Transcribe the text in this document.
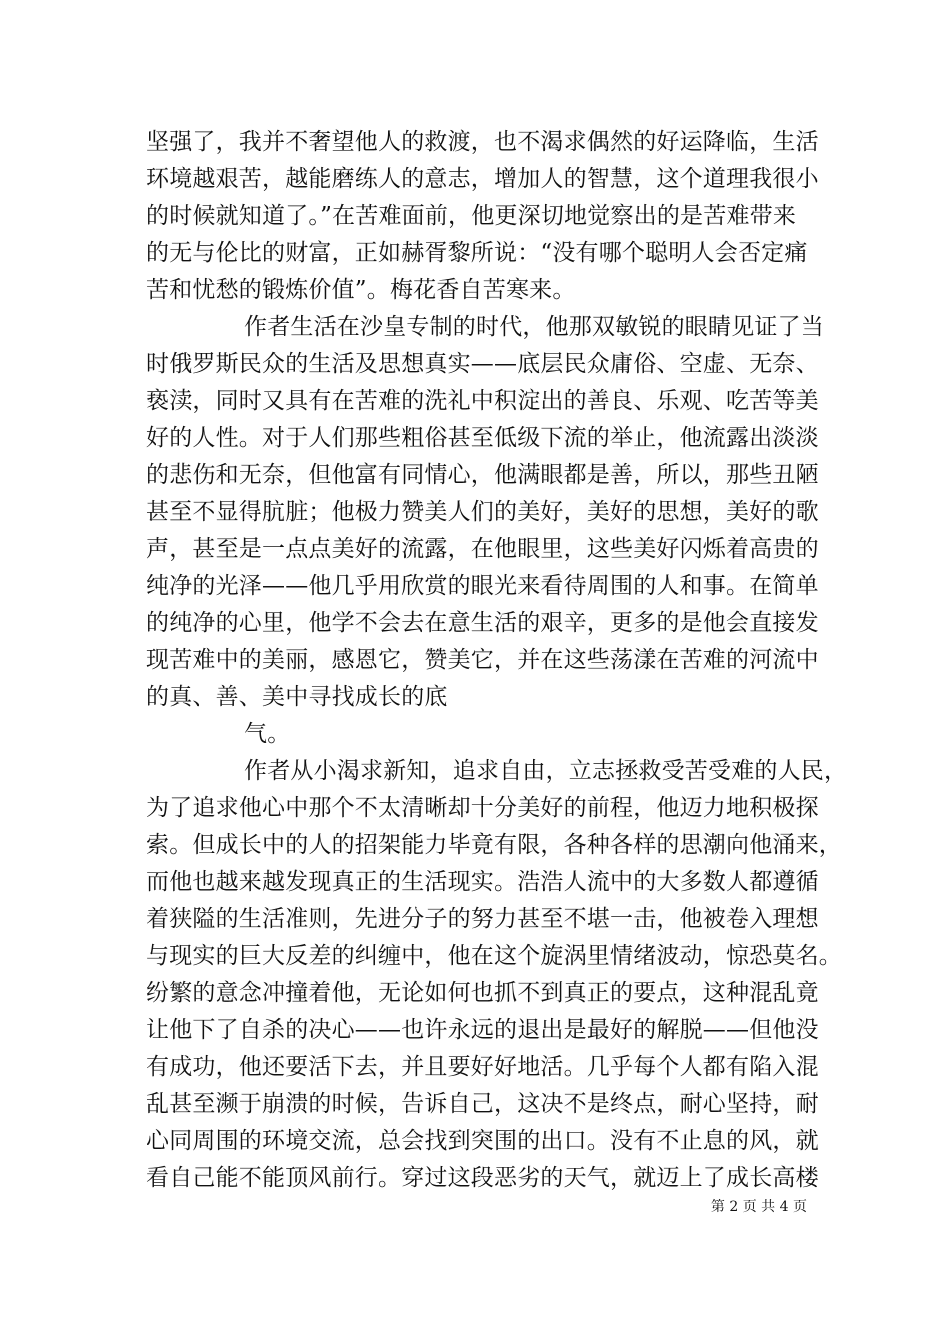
坚强了，我并不奢望他人的救渡，也不渴求偶然的好运降临，生活
环境越艰苦，越能磨练人的意志，增加人的智慧，这个道理我很小
的时候就知道了。”在苦难面前，他更深切地觉察出的是苦难带来
的无与伦比的财富，正如赫胥黎所说：“没有哪个聪明人会否定痛
苦和忧愁的锻炼价值”。梅花香自苦寒来。
作者生活在沙皇专制的时代，他那双敏锐的眼睛见证了当
时俄罗斯民众的生活及思想真实——底层民众庸俗、空虚、无奈、
亵渎，同时又具有在苦难的洗礼中积淀出的善良、乐观、吃苦等美
好的人性。对于人们那些粗俗甚至低级下流的举止，他流露出淡淡
的悲伤和无奈，但他富有同情心，他满眼都是善，所以，那些丑陋
甚至不显得肮脏；他极力赞美人们的美好，美好的思想，美好的歌
声，甚至是一点点美好的流露，在他眼里，这些美好闪烁着高贵的
纯净的光泽——他几乎用欣赏的眼光来看待周围的人和事。在简单
的纯净的心里，他学不会去在意生活的艰辛，更多的是他会直接发
现苦难中的美丽，感恩它，赞美它，并在这些荡漾在苦难的河流中
的真、善、美中寻找成长的底
气。
作者从小渴求新知，追求自由，立志拯救受苦受难的人民，
为了追求他心中那个不太清晰却十分美好的前程，他迈力地积极探
索。但成长中的人的招架能力毕竟有限，各种各样的思潮向他涌来，
而他也越来越发现真正的生活现实。浩浩人流中的大多数人都遵循
着狭隘的生活准则，先进分子的努力甚至不堪一击，他被卷入理想
与现实的巨大反差的纠缠中，他在这个旋涡里情绪波动，惊恐莫名。
纷繁的意念冲撞着他，无论如何也抓不到真正的要点，这种混乱竟
让他下了自杀的决心——也许永远的退出是最好的解脱——但他没
有成功，他还要活下去，并且要好好地活。几乎每个人都有陷入混
乱甚至濒于崩溃的时候，告诉自己，这决不是终点，耐心坚持，耐
心同周围的环境交流，总会找到突围的出口。没有不止息的风，就
看自己能不能顶风前行。穿过这段恶劣的天气，就迈上了成长高楼
第 2 页 共 4 页
